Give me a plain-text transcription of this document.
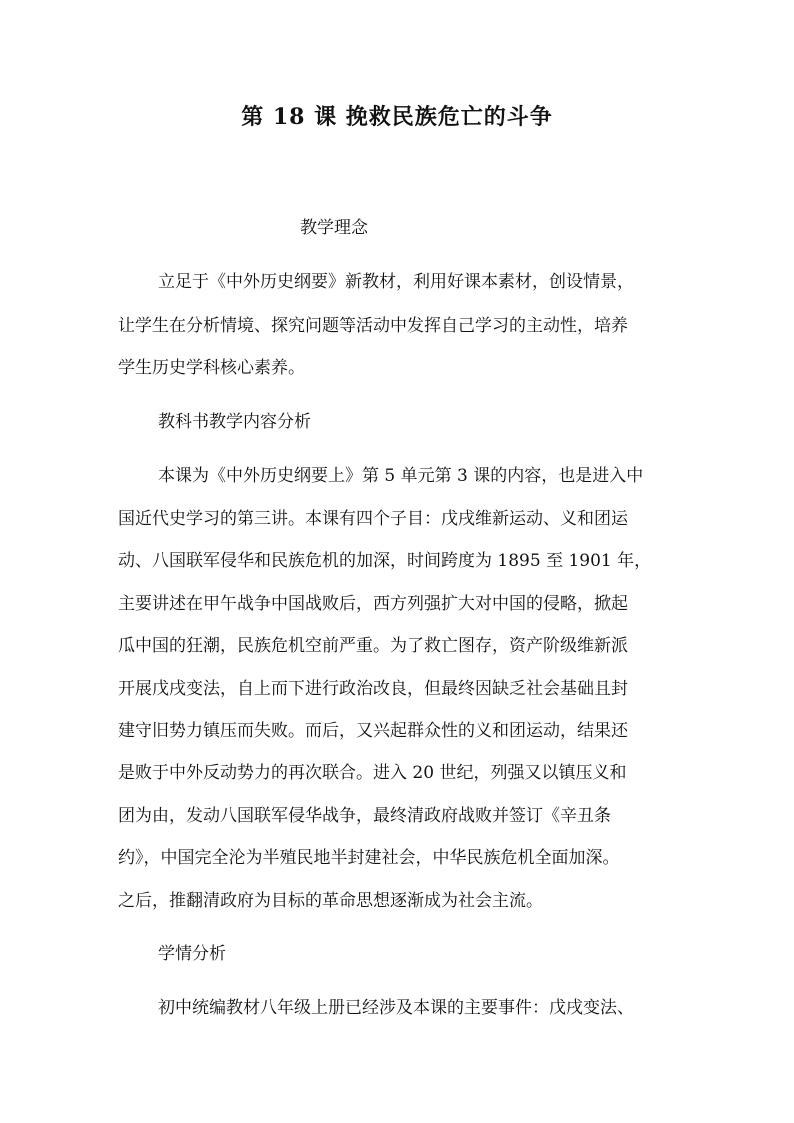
第 18 课 挽救民族危亡的斗争
教学理念
立足于《中外历史纲要》新教材，利用好课本素材，创设情景，
让学生在分析情境、探究问题等活动中发挥自己学习的主动性，培养
学生历史学科核心素养。
教科书教学内容分析
本课为《中外历史纲要上》第 5 单元第 3 课的内容，也是进入中
国近代史学习的第三讲。本课有四个子目：戊戌维新运动、义和团运
动、八国联军侵华和民族危机的加深，时间跨度为 1895 至 1901 年，
主要讲述在甲午战争中国战败后，西方列强扩大对中国的侵略，掀起
瓜中国的狂潮，民族危机空前严重。为了救亡图存，资产阶级维新派
开展戊戌变法，自上而下进行政治改良，但最终因缺乏社会基础且封
建守旧势力镇压而失败。而后，又兴起群众性的义和团运动，结果还
是败于中外反动势力的再次联合。进入 20 世纪，列强又以镇压义和
团为由，发动八国联军侵华战争，最终清政府战败并签订《辛丑条
约》，中国完全沦为半殖民地半封建社会，中华民族危机全面加深。
之后，推翻清政府为目标的革命思想逐渐成为社会主流。
学情分析
初中统编教材八年级上册已经涉及本课的主要事件：戊戌变法、
